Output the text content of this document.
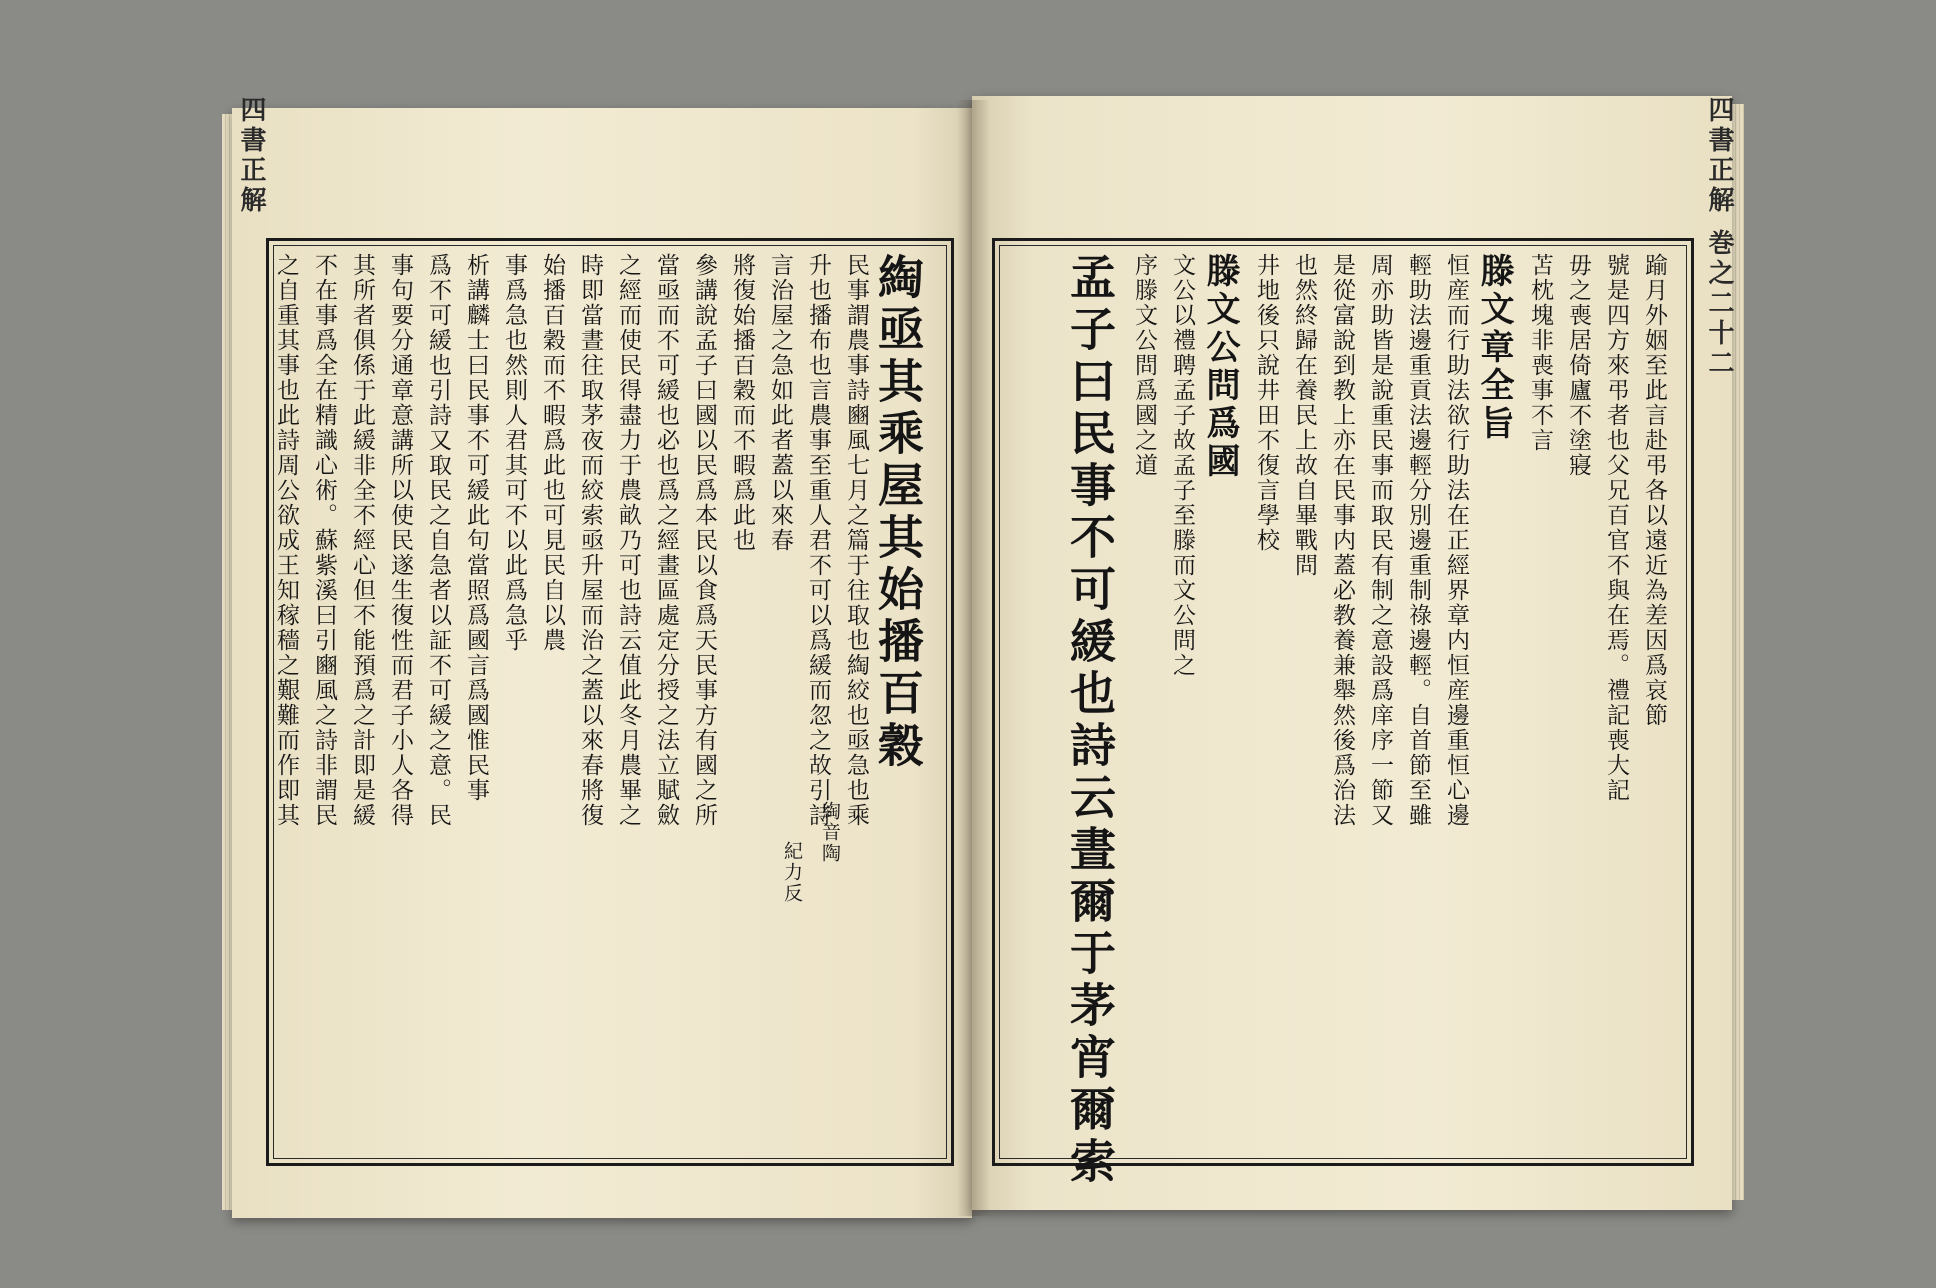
四書正解	四書正解 巻之二十二
綯亟其乘屋其始播百穀
民事謂農事詩豳風七月之篇于往取也綯絞也亟急也乘
升也播布也言農事至重人君不可以爲緩而忽之故引詩
言治屋之急如此者蓋以來春
將復始播百穀而不暇爲此也
參講說孟子曰國以民爲本民以食爲天民事方有國之所
當亟而不可緩也必也爲之經畫區處定分授之法立賦斂
之經而使民得盡力于農畝乃可也詩云值此冬月農畢之
時即當晝往取茅夜而絞索亟升屋而治之蓋以來春將復
始播百穀而不暇爲此也可見民自以農
事爲急也然則人君其可不以此爲急乎
析講麟士曰民事不可緩此句當照爲國言爲國惟民事
爲不可緩也引詩又取民之自急者以証不可緩之意。民
事句要分通章意講所以使民遂生復性而君子小人各得
其所者俱係于此緩非全不經心但不能預爲之計即是緩
不在事爲全在精識心術。蘇紫溪曰引豳風之詩非謂民
之自重其事也此詩周公欲成王知稼穡之艱難而作即其
綯音陶
紀力反
踰月外姻至此言赴弔各以遠近為差因爲哀節
號是四方來弔者也父兄百官不與在焉。禮記喪大記
毋之喪居倚廬不塗寢
苫枕塊非喪事不言
滕文章全旨
恒産而行助法欲行助法在正經界章内恒産邊重恒心邊
輕助法邊重貢法邊輕分別邊重制祿邊輕。自首節至雖
周亦助皆是說重民事而取民有制之意設爲庠序一節又
是從富說到教上亦在民事内蓋必教養兼舉然後爲治法
也然終歸在養民上故自畢戰問
井地後只說井田不復言學校
滕文公問爲國
文公以禮聘孟子故孟子至滕而文公問之
序滕文公問爲國之道
孟子曰民事不可緩也詩云晝爾于茅宵爾索
